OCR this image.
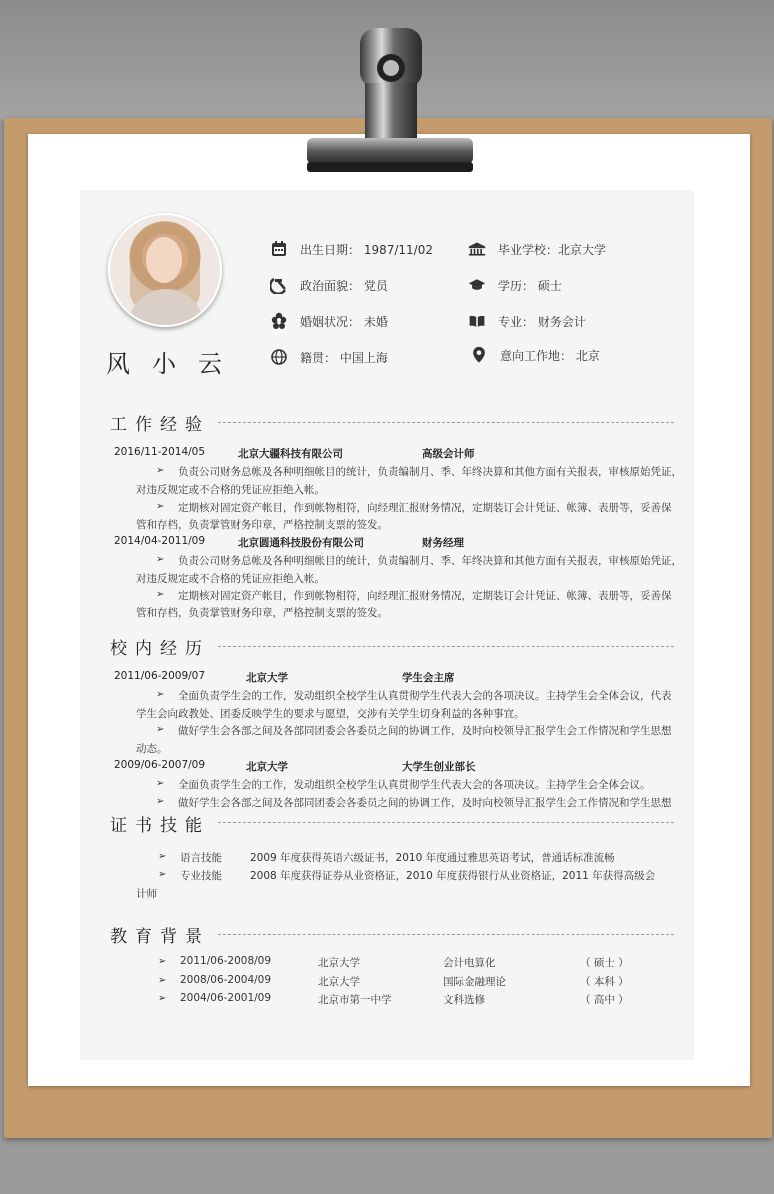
风小云
出生日期： 1987/11/02	毕业学校：北京大学
政治面貌： 党员	学历： 硕士
婚姻状况： 未婚	专业： 财务会计
籍贯： 中国上海	意向工作地： 北京
工作经验
2016/11-2014/05	北京大疆科技有限公司	高级会计师
➢ 负责公司财务总帐及各种明细帐目的统计，负责编制月、季、年终决算和其他方面有关报表，审核原始凭证，
对违反规定或不合格的凭证应拒绝入帐。
➢ 定期核对固定资产帐目，作到帐物相符，向经理汇报财务情况，定期装订会计凭证、帐簿、表册等，妥善保
管和存档，负责掌管财务印章，严格控制支票的签发。
2014/04-2011/09	北京圆通科技股份有限公司	财务经理
➢ 负责公司财务总帐及各种明细帐目的统计，负责编制月、季、年终决算和其他方面有关报表，审核原始凭证，
对违反规定或不合格的凭证应拒绝入帐。
➢ 定期核对固定资产帐目，作到帐物相符，向经理汇报财务情况，定期装订会计凭证、帐簿、表册等，妥善保
管和存档，负责掌管财务印章，严格控制支票的签发。
校内经历
2011/06-2009/07	北京大学	学生会主席
➢ 全面负责学生会的工作，发动组织全校学生认真贯彻学生代表大会的各项决议。主持学生会全体会议，代表
学生会向政教处、团委反映学生的要求与愿望，交涉有关学生切身利益的各种事宜。
➢ 做好学生会各部之间及各部同团委会各委员之间的协调工作，及时向校领导汇报学生会工作情况和学生思想
动态。
2009/06-2007/09	北京大学	大学生创业部长
➢ 全面负责学生会的工作，发动组织全校学生认真贯彻学生代表大会的各项决议。主持学生会全体会议。
➢ 做好学生会各部之间及各部同团委会各委员之间的协调工作，及时向校领导汇报学生会工作情况和学生思想
证书技能
➢ 语言技能	2009 年度获得英语六级证书，2010 年度通过雅思英语考试，普通话标准流畅
➢ 专业技能	2008 年度获得证券从业资格证，2010 年度获得银行从业资格证，2011 年获得高级会
计师
教育背景
➢ 2011/06-2008/09	北京大学	会计电算化	（ 硕士 ）
➢ 2008/06-2004/09	北京大学	国际金融理论	（ 本科 ）
➢ 2004/06-2001/09	北京市第一中学	文科选修	（ 高中 ）
